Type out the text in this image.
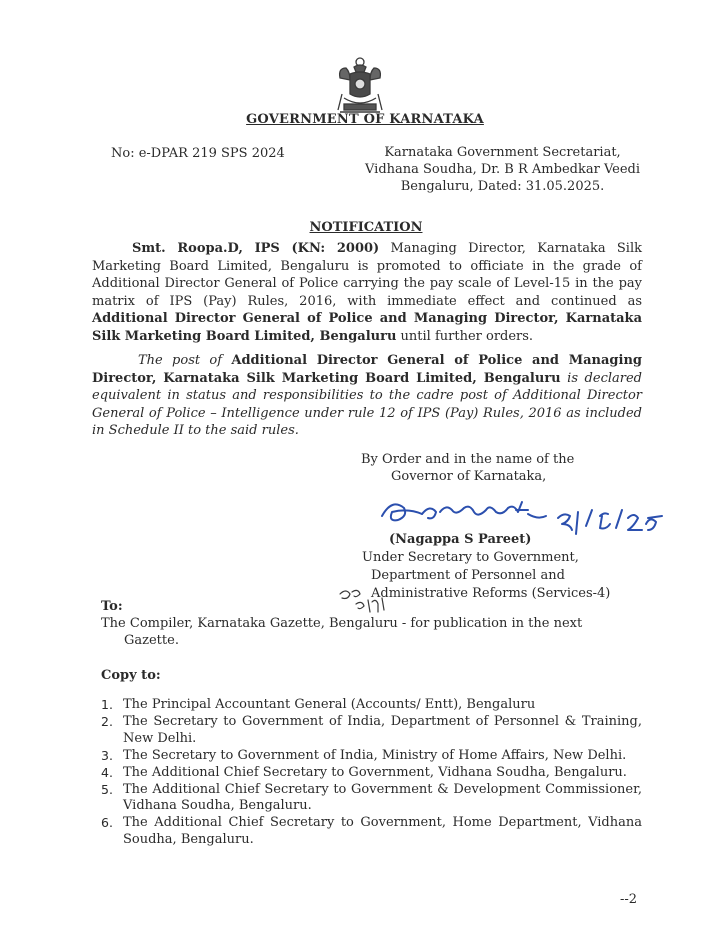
GOVERNMENT OF KARNATAKA
No: e-DPAR 219 SPS 2024	Karnataka Government Secretariat,
Vidhana Soudha, Dr. B R Ambedkar Veedi
Bengaluru, Dated: 31.05.2025.
NOTIFICATION
Smt. Roopa.D, IPS (KN: 2000) Managing Director, Karnataka Silk Marketing Board Limited, Bengaluru is promoted to officiate in the grade of Additional Director General of Police carrying the pay scale of Level-15 in the pay matrix of IPS (Pay) Rules, 2016, with immediate effect and continued as Additional Director General of Police and Managing Director, Karnataka Silk Marketing Board Limited, Bengaluru until further orders.
The post of Additional Director General of Police and Managing Director, Karnataka Silk Marketing Board Limited, Bengaluru is declared equivalent in status and responsibilities to the cadre post of Additional Director General of Police – Intelligence under rule 12 of IPS (Pay) Rules, 2016 as included in Schedule II to the said rules.
By Order and in the name of the
Governor of Karnataka,
(Nagappa S Pareet)
Under Secretary to Government,
Department of Personnel and
Administrative Reforms (Services-4)
To:
The Compiler, Karnataka Gazette, Bengaluru - for publication in the next
Gazette.
Copy to:
1. The Principal Accountant General (Accounts/ Entt), Bengaluru
2. The Secretary to Government of India, Department of Personnel & Training, New Delhi.
3. The Secretary to Government of India, Ministry of Home Affairs, New Delhi.
4. The Additional Chief Secretary to Government, Vidhana Soudha, Bengaluru.
5. The Additional Chief Secretary to Government & Development Commissioner, Vidhana Soudha, Bengaluru.
6. The Additional Chief Secretary to Government, Home Department, Vidhana Soudha, Bengaluru.
--2
